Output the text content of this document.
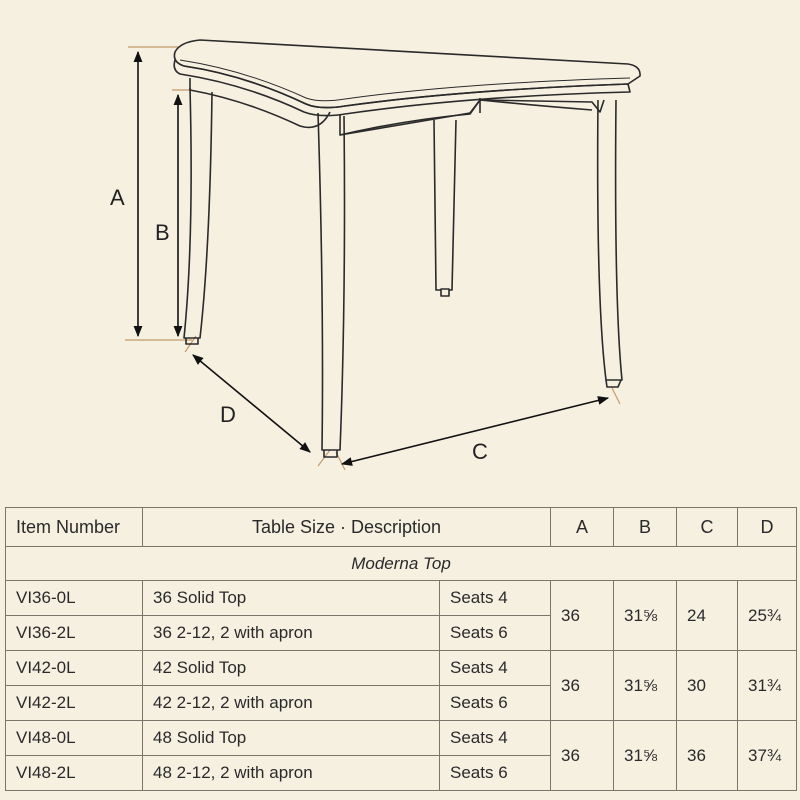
A
B
D
C
Item Number	Table Size · Description		A	B	C	D
Moderna Top						
VI36-0L	36 Solid Top	Seats 4	36	31⅝	24	25¾
VI36-2L	36 2-12, 2 with apron	Seats 6				
VI42-0L	42 Solid Top	Seats 4	36	31⅝	30	31¾
VI42-2L	42 2-12, 2 with apron	Seats 6				
VI48-0L	48 Solid Top	Seats 4	36	31⅝	36	37¾
VI48-2L	48 2-12, 2 with apron	Seats 6				
